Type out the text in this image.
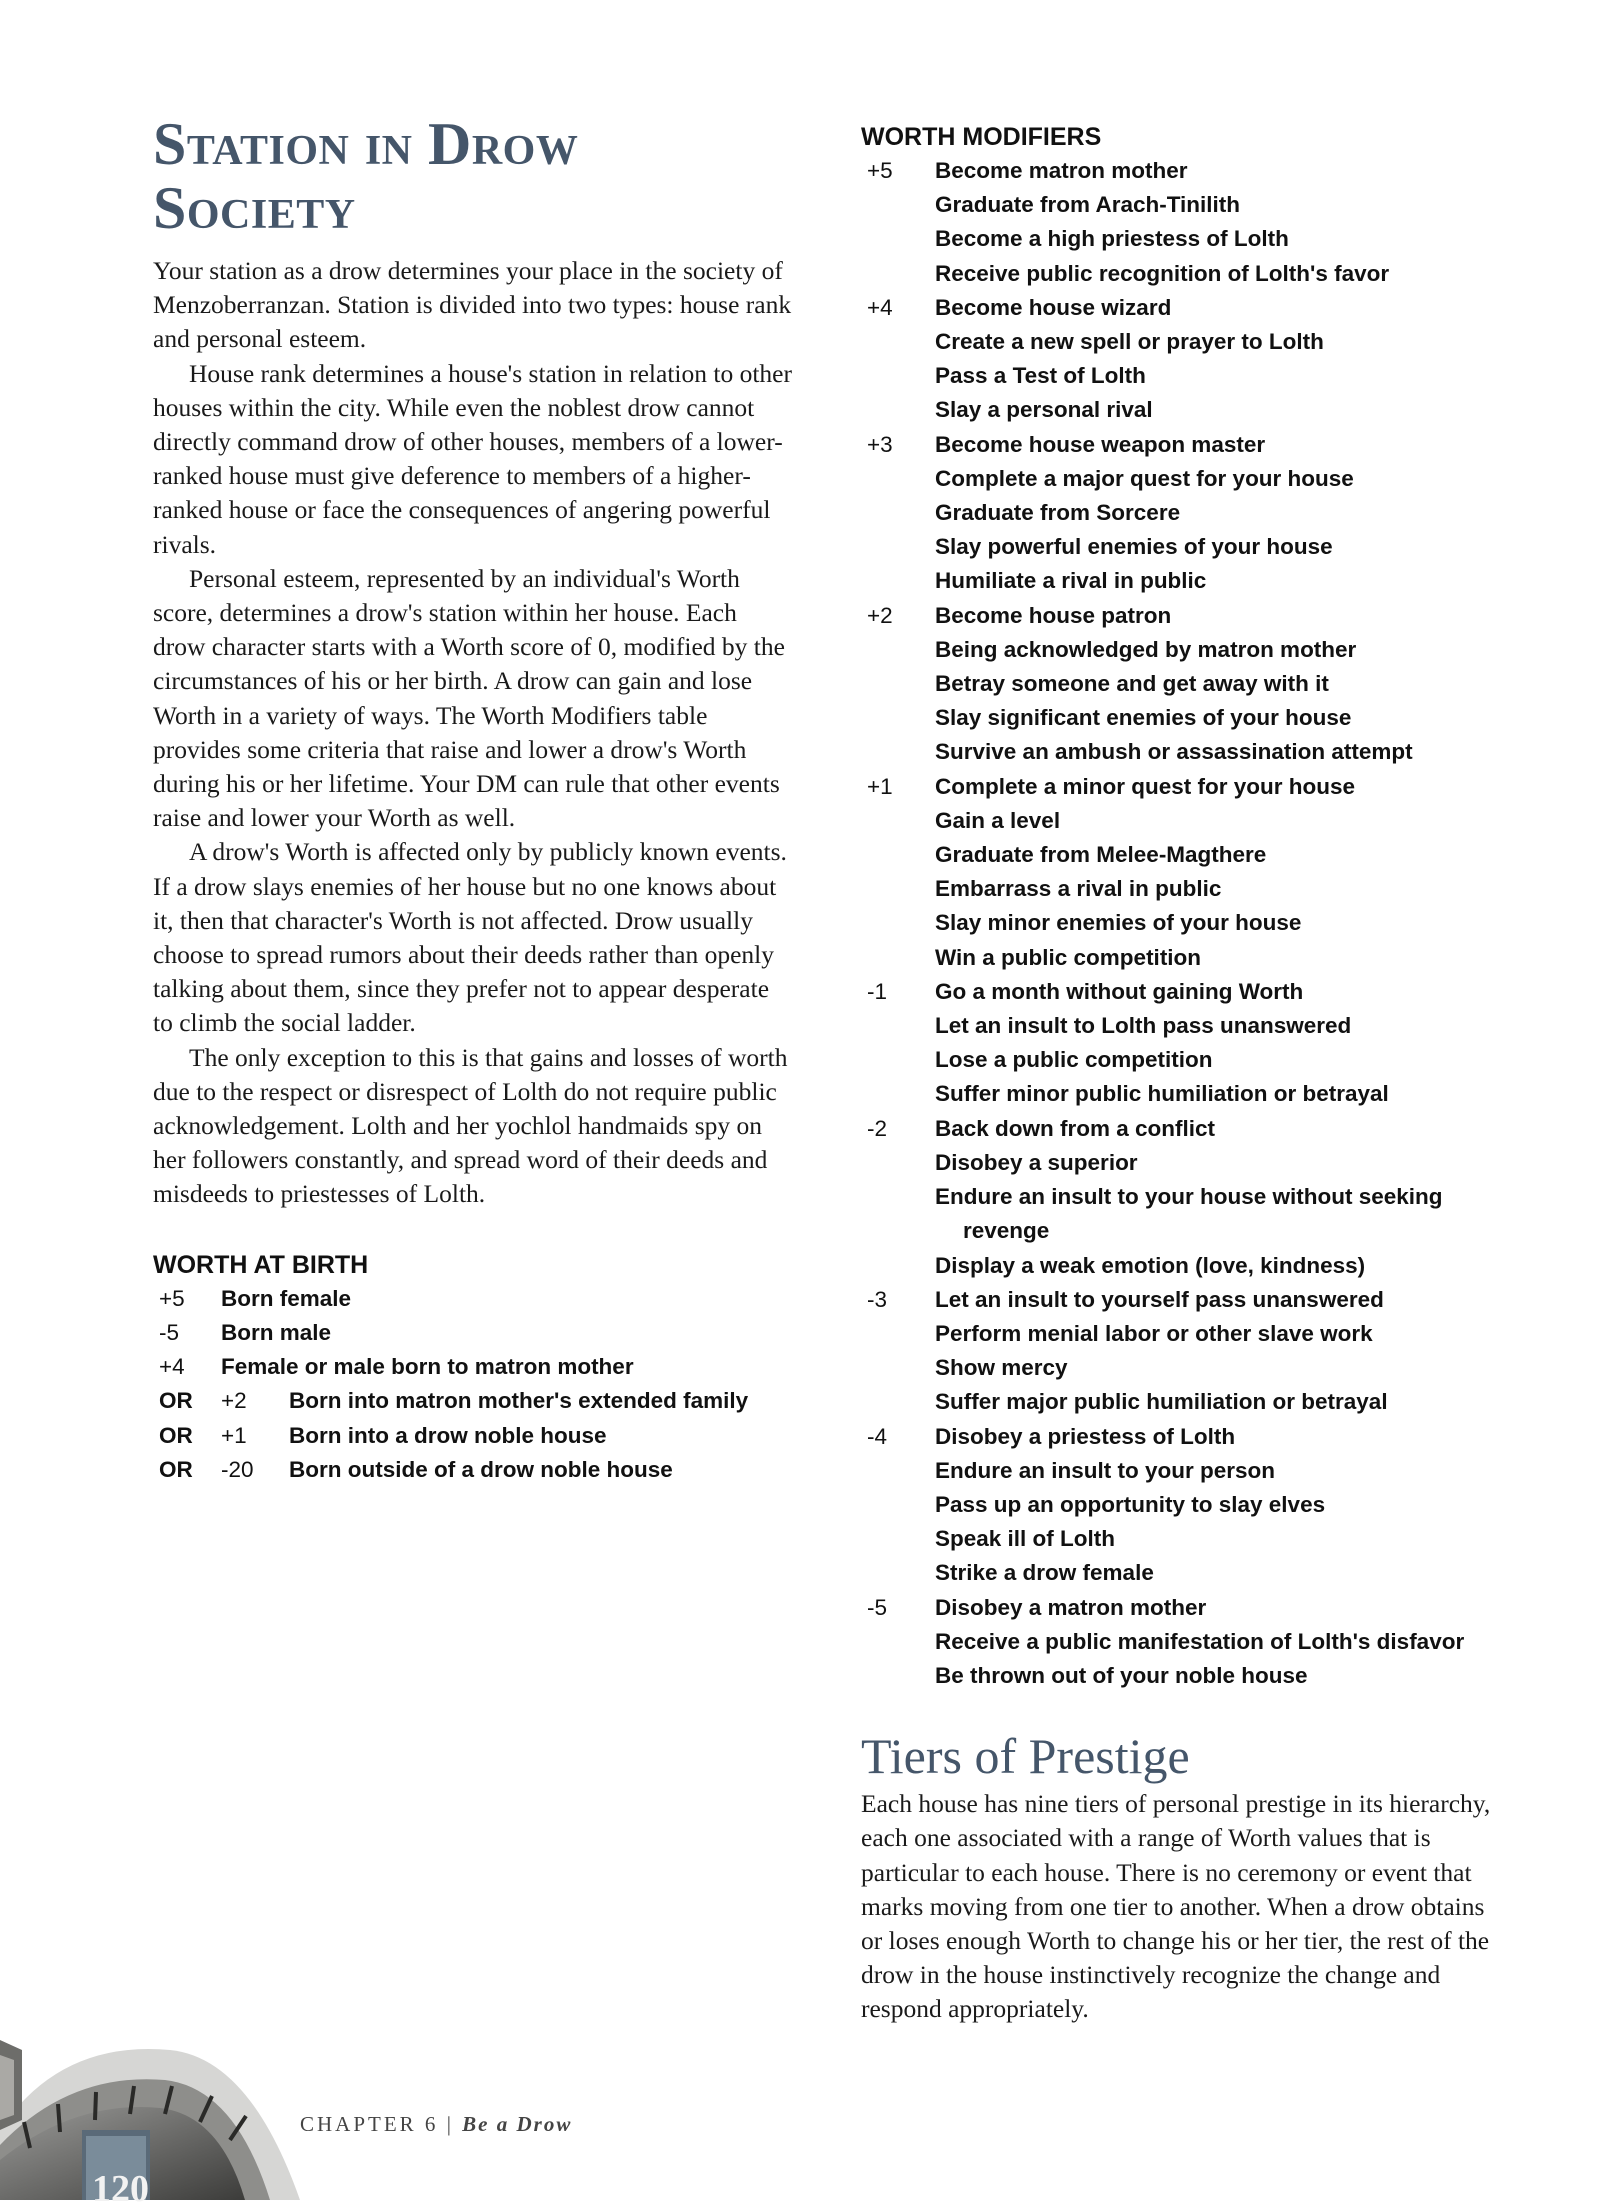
Station in Drow
Society

Your station as a drow determines your place in the society of Menzoberranzan. Station is divided into two types: house rank and personal esteem.

House rank determines a house's station in relation to other houses within the city. While even the noblest drow cannot directly command drow of other houses, members of a lower-ranked house must give deference to members of a higher-ranked house or face the consequences of angering powerful rivals.

Personal esteem, represented by an individual's Worth score, determines a drow's station within her house. Each drow character starts with a Worth score of 0, modified by the circumstances of his or her birth. A drow can gain and lose Worth in a variety of ways. The Worth Modifiers table provides some criteria that raise and lower a drow's Worth during his or her lifetime. Your DM can rule that other events raise and lower your Worth as well.

A drow's Worth is affected only by publicly known events. If a drow slays enemies of her house but no one knows about it, then that character's Worth is not affected. Drow usually choose to spread rumors about their deeds rather than openly talking about them, since they prefer not to appear desperate to climb the social ladder.

The only exception to this is that gains and losses of worth due to the respect or disrespect of Lolth do not require public acknowledgement. Lolth and her yochlol handmaids spy on her followers constantly, and spread word of their deeds and misdeeds to priestesses of Lolth.

WORTH AT BIRTH
+5	Born female
-5	Born male
+4	Female or male born to matron mother
OR	+2	Born into matron mother's extended family
OR	+1	Born into a drow noble house
OR	-20	Born outside of a drow noble house
WORTH MODIFIERS
+5	Become matron mother
Graduate from Arach-Tinilith
Become a high priestess of Lolth
Receive public recognition of Lolth's favor
+4	Become house wizard
Create a new spell or prayer to Lolth
Pass a Test of Lolth
Slay a personal rival
+3	Become house weapon master
Complete a major quest for your house
Graduate from Sorcere
Slay powerful enemies of your house
Humiliate a rival in public
+2	Become house patron
Being acknowledged by matron mother
Betray someone and get away with it
Slay significant enemies of your house
Survive an ambush or assassination attempt
+1	Complete a minor quest for your house
Gain a level
Graduate from Melee-Magthere
Embarrass a rival in public
Slay minor enemies of your house
Win a public competition
-1	Go a month without gaining Worth
Let an insult to Lolth pass unanswered
Lose a public competition
Suffer minor public humiliation or betrayal
-2	Back down from a conflict
Disobey a superior
Endure an insult to your house without seeking revenge
Display a weak emotion (love, kindness)
-3	Let an insult to yourself pass unanswered
Perform menial labor or other slave work
Show mercy
Suffer major public humiliation or betrayal
-4	Disobey a priestess of Lolth
Endure an insult to your person
Pass up an opportunity to slay elves
Speak ill of Lolth
Strike a drow female
-5	Disobey a matron mother
Receive a public manifestation of Lolth's disfavor
Be thrown out of your noble house
Tiers of Prestige

Each house has nine tiers of personal prestige in its hierarchy, each one associated with a range of Worth values that is particular to each house. There is no ceremony or event that marks moving from one tier to another. When a drow obtains or loses enough Worth to change his or her tier, the rest of the drow in the house instinctively recognize the change and respond appropriately.

CHAPTER 6 | Be a Drow
120
